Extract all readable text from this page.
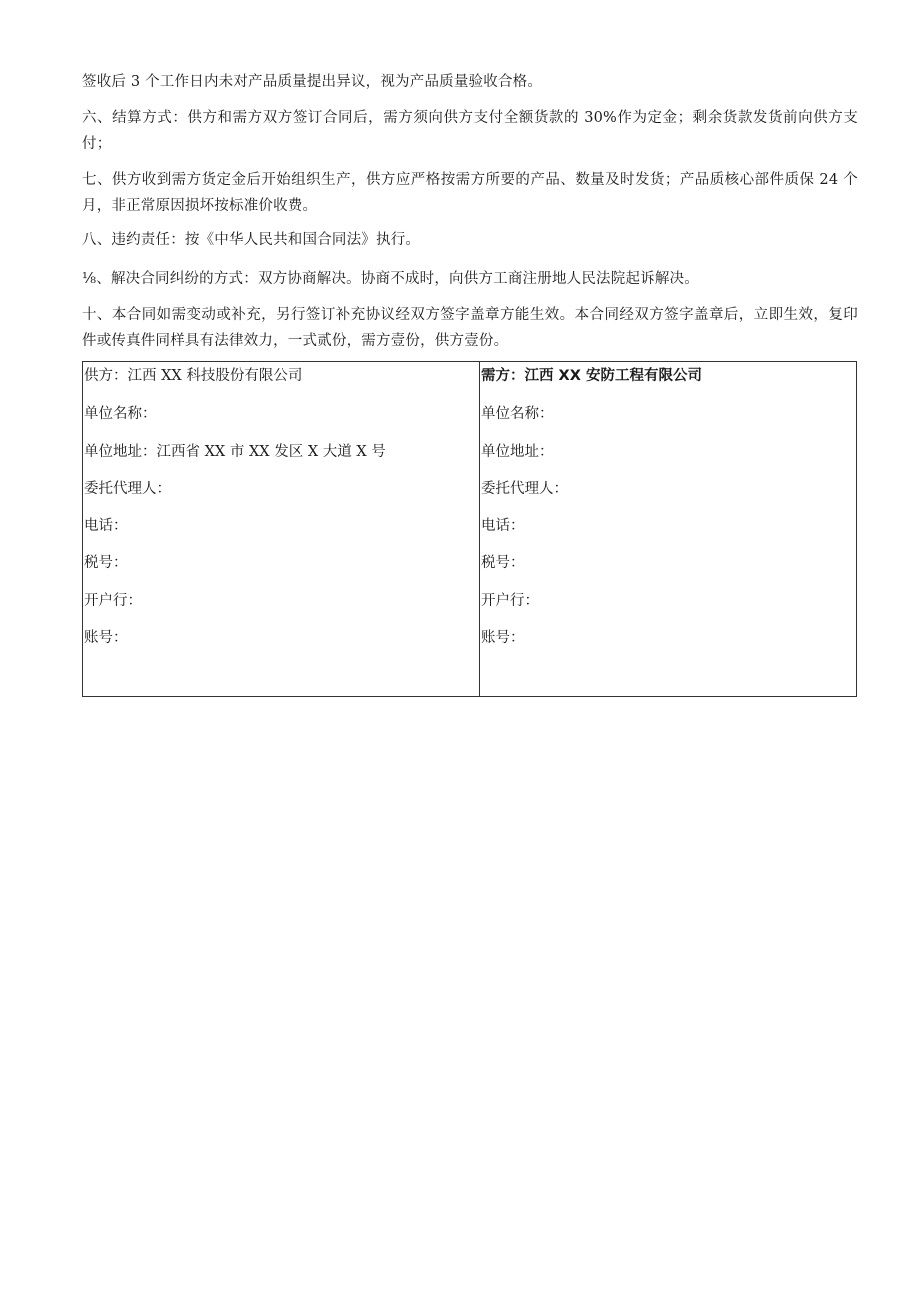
签收后 3 个工作日内未对产品质量提出异议，视为产品质量验收合格。

六、结算方式：供方和需方双方签订合同后，需方须向供方支付全额货款的 30%作为定金；剩余货款发货前向供方支付；

七、供方收到需方货定金后开始组织生产，供方应严格按需方所要的产品、数量及时发货；产品质核心部件质保 24 个月，非正常原因损坏按标准价收费。

八、违约责任：按《中华人民共和国合同法》执行。

⅛、解决合同纠纷的方式：双方协商解决。协商不成时，向供方工商注册地人民法院起诉解决。

十、本合同如需变动或补充，另行签订补充协议经双方签字盖章方能生效。本合同经双方签字盖章后，立即生效，复印件或传真件同样具有法律效力，一式贰份，需方壹份，供方壹份。

供方：江西 XX 科技股份有限公司
单位名称：
单位地址：江西省 XX 市 XX 发区 X 大道 X 号
委托代理人：
电话：
税号：
开户行：
账号：
需方：江西 XX 安防工程有限公司
单位名称：
单位地址：
委托代理人：
电话：
税号：
开户行：
账号：
